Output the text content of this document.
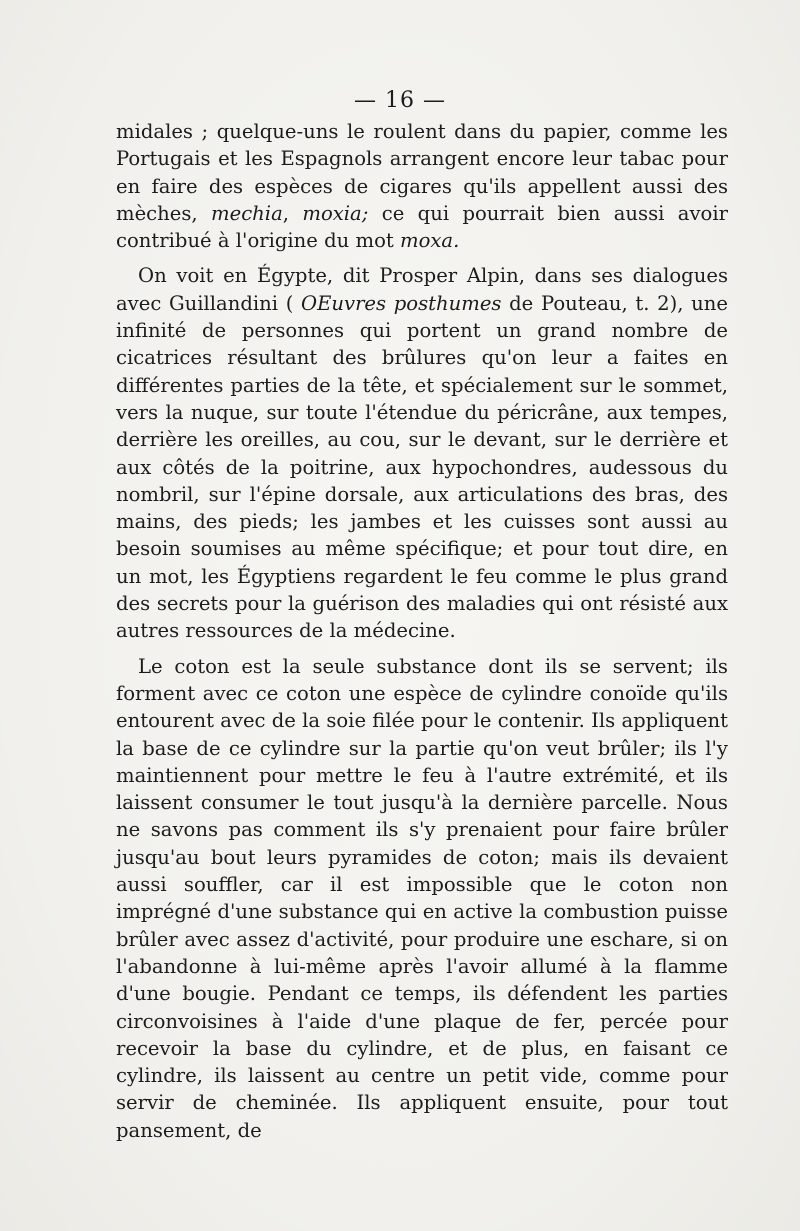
— 16 —

midales ; quelque-uns le roulent dans du papier, comme les Portugais et les Espagnols arrangent encore leur tabac pour en faire des espèces de cigares qu'ils appellent aussi des mèches, mechia, moxia; ce qui pourrait bien aussi avoir contribué à l'origine du mot moxa.

On voit en Égypte, dit Prosper Alpin, dans ses dialogues avec Guillandini ( OEuvres posthumes de Pouteau, t. 2), une infinité de personnes qui portent un grand nombre de cicatrices résultant des brûlures qu'on leur a faites en différentes parties de la tête, et spécialement sur le sommet, vers la nuque, sur toute l'étendue du péricrâne, aux tempes, derrière les oreilles, au cou, sur le devant, sur le derrière et aux côtés de la poitrine, aux hypochondres, audessous du nombril, sur l'épine dorsale, aux articulations des bras, des mains, des pieds; les jambes et les cuisses sont aussi au besoin soumises au même spécifique; et pour tout dire, en un mot, les Égyptiens regardent le feu comme le plus grand des secrets pour la guérison des maladies qui ont résisté aux autres ressources de la médecine.

Le coton est la seule substance dont ils se servent; ils forment avec ce coton une espèce de cylindre conoïde qu'ils entourent avec de la soie filée pour le contenir. Ils appliquent la base de ce cylindre sur la partie qu'on veut brûler; ils l'y maintiennent pour mettre le feu à l'autre extrémité, et ils laissent consumer le tout jusqu'à la dernière parcelle. Nous ne savons pas comment ils s'y prenaient pour faire brûler jusqu'au bout leurs pyramides de coton; mais ils devaient aussi souffler, car il est impossible que le coton non imprégné d'une substance qui en active la combustion puisse brûler avec assez d'activité, pour produire une eschare, si on l'abandonne à lui-même après l'avoir allumé à la flamme d'une bougie. Pendant ce temps, ils défendent les parties circonvoisines à l'aide d'une plaque de fer, percée pour recevoir la base du cylindre, et de plus, en faisant ce cylindre, ils laissent au centre un petit vide, comme pour servir de cheminée. Ils appliquent ensuite, pour tout pansement, de
